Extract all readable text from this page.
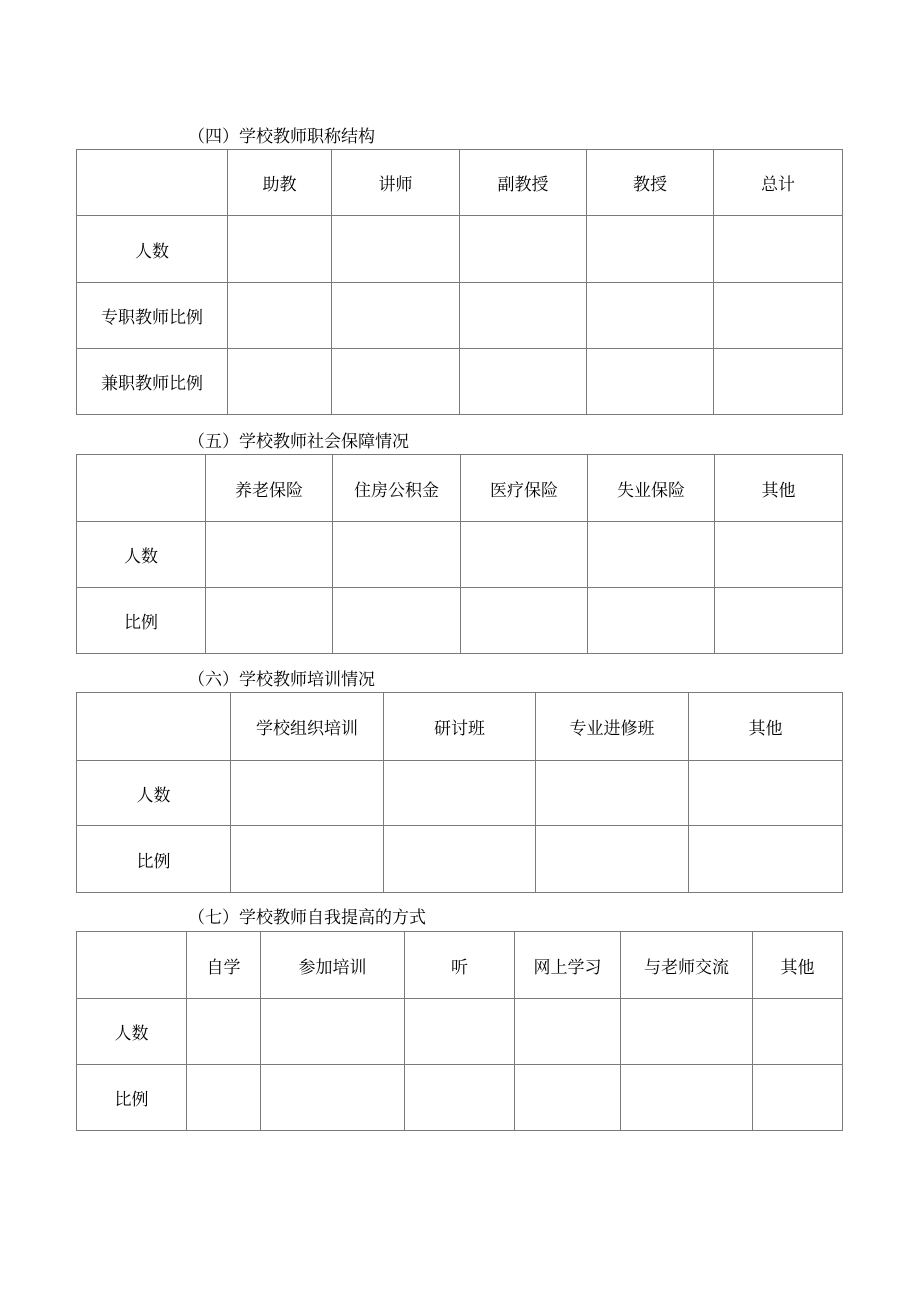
（四）学校教师职称结构
	助教	讲师	副教授	教授	总计
人数					
专职教师比例					
兼职教师比例					
（五）学校教师社会保障情况
	养老保险	住房公积金	医疗保险	失业保险	其他
人数					
比例					
（六）学校教师培训情况
	学校组织培训	研讨班	专业进修班	其他
人数				
比例				
（七）学校教师自我提高的方式
	自学	参加培训	听	网上学习	与老师交流	其他
人数						
比例						
